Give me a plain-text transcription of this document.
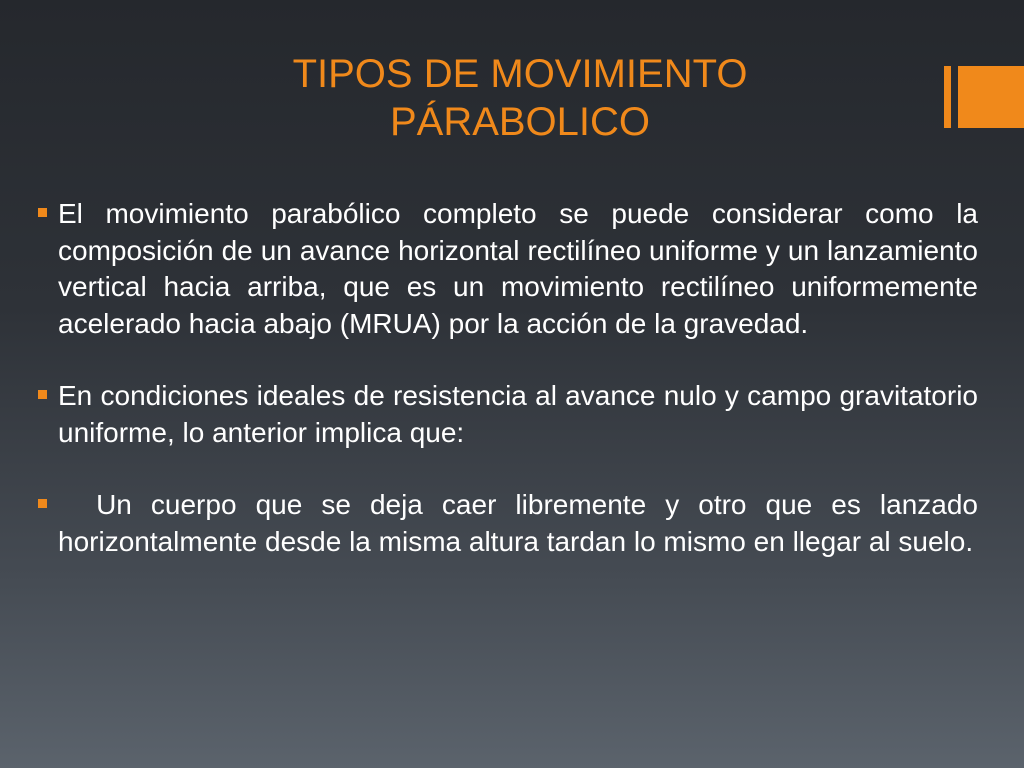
TIPOS DE MOVIMIENTO
PÁRABOLICO
El movimiento parabólico completo se puede considerar como la composición de un avance horizontal rectilíneo uniforme y un lanzamiento vertical hacia arriba, que es un movimiento rectilíneo uniformemente acelerado hacia abajo (MRUA) por la acción de la gravedad.
En condiciones ideales de resistencia al avance nulo y campo gravitatorio uniforme, lo anterior implica que:
Un cuerpo que se deja caer libremente y otro que es lanzado horizontalmente desde la misma altura tardan lo mismo en llegar al suelo.
